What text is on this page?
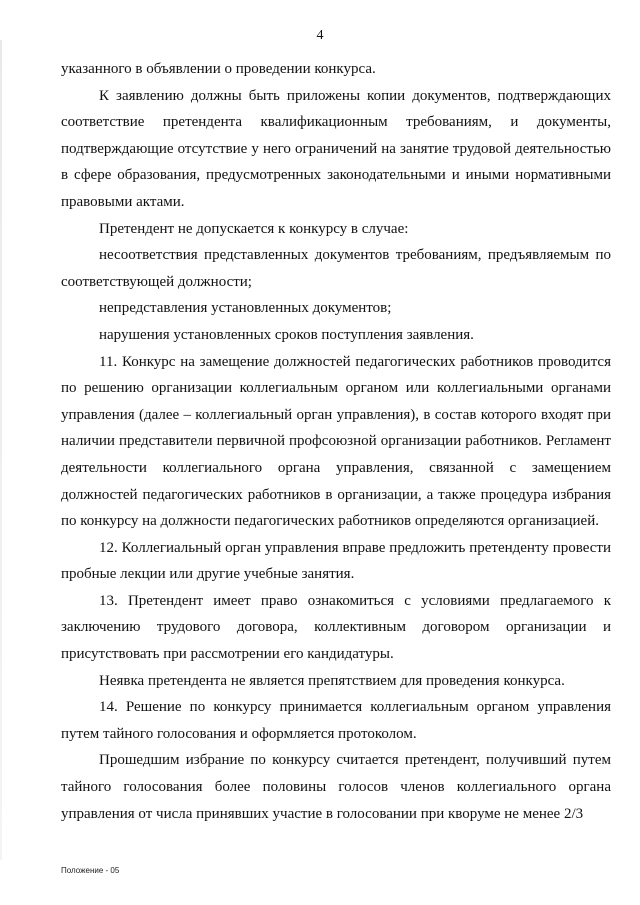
4

указанного в объявлении о проведении конкурса.

К заявлению должны быть приложены копии документов, подтверждающих соответствие претендента квалификационным требованиям, и документы, подтверждающие отсутствие у него ограничений на занятие трудовой деятельностью в сфере образования, предусмотренных законодательными и иными нормативными правовыми актами.

Претендент не допускается к конкурсу в случае:

несоответствия представленных документов требованиям, предъявляемым по соответствующей должности;

непредставления установленных документов;

нарушения установленных сроков поступления заявления.

11. Конкурс на замещение должностей педагогических работников проводится по решению организации коллегиальным органом или коллегиальными органами управления (далее – коллегиальный орган управления), в состав которого входят при наличии представители первичной профсоюзной организации работников. Регламент деятельности коллегиального органа управления, связанной с замещением должностей педагогических работников в организации, а также процедура избрания по конкурсу на должности педагогических работников определяются организацией.

12. Коллегиальный орган управления вправе предложить претенденту провести пробные лекции или другие учебные занятия.

13. Претендент имеет право ознакомиться с условиями предлагаемого к заключению трудового договора, коллективным договором организации и присутствовать при рассмотрении его кандидатуры.

Неявка претендента не является препятствием для проведения конкурса.

14. Решение по конкурсу принимается коллегиальным органом управления путем тайного голосования и оформляется протоколом.

Прошедшим избрание по конкурсу считается претендент, получивший путем тайного голосования более половины голосов членов коллегиального органа управления от числа принявших участие в голосовании при кворуме не менее 2/3

Положение - 05
